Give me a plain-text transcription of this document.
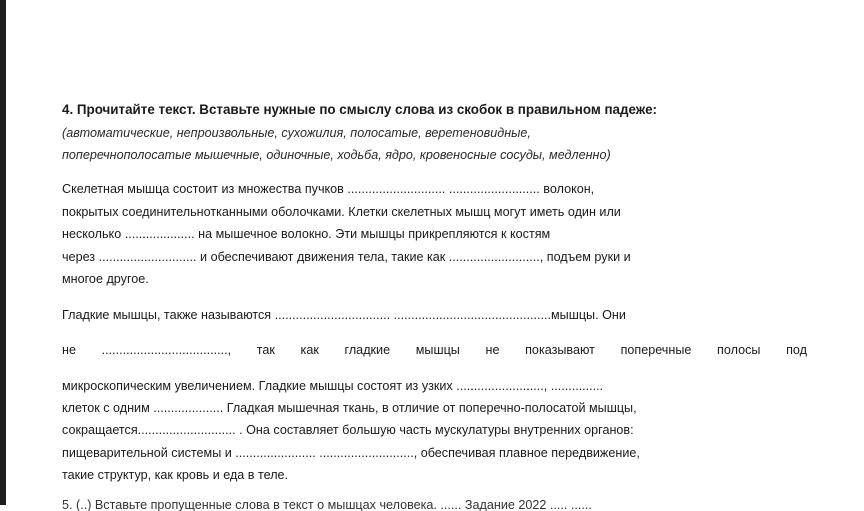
4. Прочитайте текст. Вставьте нужные по смыслу слова из скобок в правильном падеже:
(автоматические, непроизвольные, сухожилия, полосатые, веретеновидные,
поперечнополосатые мышечные, одиночные, ходьба, ядро, кровеносные сосуды, медленно)
Скелетная мышца состоит из множества пучков ............................ .......................... волокон,
покрытых соединительнотканными оболочками. Клетки скелетных мышц могут иметь один или
несколько .................... на мышечное волокно. Эти мышцы прикрепляются к костям
через ............................ и обеспечивают движения тела, такие как .........................., подъем руки и
многое другое.
Гладкие мышцы, также называются ................................. .............................................мышцы. Они
не ...................................., так как гладкие мышцы не показывают поперечные полосы под
микроскопическим увеличением. Гладкие мышцы состоят из узких ........................., ...............
клеток с одним .................... Гладкая мышечная ткань, в отличие от поперечно-полосатой мышцы,
сокращается............................ . Она составляет большую часть мускулатуры внутренних органов:
пищеварительной системы и ....................... ..........................., обеспечивая плавное передвижение,
такие структур, как кровь и еда в теле.
5. (..) Вставьте пропущенные слова в текст о мышцах человека. ...... Задание 2022 ..... ......
